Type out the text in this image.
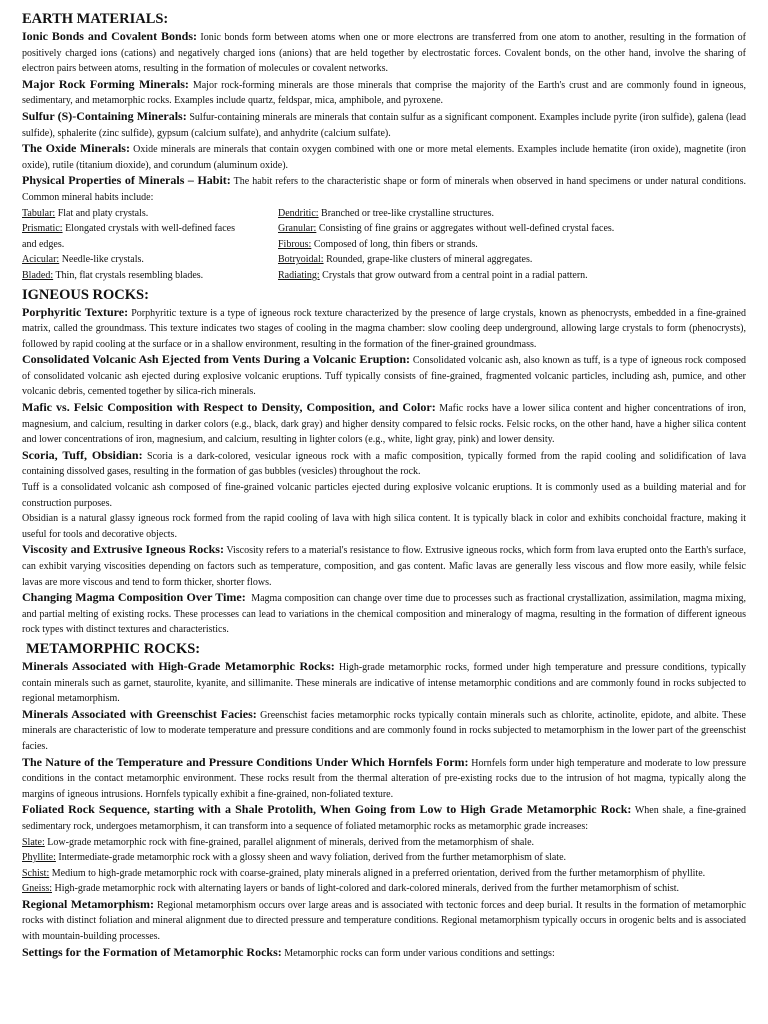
EARTH MATERIALS:

Ionic Bonds and Covalent Bonds: Ionic bonds form between atoms when one or more electrons are transferred from one atom to another, resulting in the formation of positively charged ions (cations) and negatively charged ions (anions) that are held together by electrostatic forces. Covalent bonds, on the other hand, involve the sharing of electron pairs between atoms, resulting in the formation of molecules or covalent networks.

Major Rock Forming Minerals: Major rock-forming minerals are those minerals that comprise the majority of the Earth's crust and are commonly found in igneous, sedimentary, and metamorphic rocks. Examples include quartz, feldspar, mica, amphibole, and pyroxene.

Sulfur (S)-Containing Minerals: Sulfur-containing minerals are minerals that contain sulfur as a significant component. Examples include pyrite (iron sulfide), galena (lead sulfide), sphalerite (zinc sulfide), gypsum (calcium sulfate), and anhydrite (calcium sulfate).

The Oxide Minerals: Oxide minerals are minerals that contain oxygen combined with one or more metal elements. Examples include hematite (iron oxide), magnetite (iron oxide), rutile (titanium dioxide), and corundum (aluminum oxide).

Physical Properties of Minerals – Habit: The habit refers to the characteristic shape or form of minerals when observed in hand specimens or under natural conditions. Common mineral habits include:

Tabular: Flat and platy crystals.
Prismatic: Elongated crystals with well-defined faces and edges.
Acicular: Needle-like crystals.
Bladed: Thin, flat crystals resembling blades.
Dendritic: Branched or tree-like crystalline structures.
Granular: Consisting of fine grains or aggregates without well-defined crystal faces.
Fibrous: Composed of long, thin fibers or strands.
Botryoidal: Rounded, grape-like clusters of mineral aggregates.
Radiating: Crystals that grow outward from a central point in a radial pattern.
IGNEOUS ROCKS:

Porphyritic Texture: Porphyritic texture is a type of igneous rock texture characterized by the presence of large crystals, known as phenocrysts, embedded in a fine-grained matrix, called the groundmass. This texture indicates two stages of cooling in the magma chamber: slow cooling deep underground, allowing large crystals to form (phenocrysts), followed by rapid cooling at the surface or in a shallow environment, resulting in the formation of the finer-grained groundmass.

Consolidated Volcanic Ash Ejected from Vents During a Volcanic Eruption: Consolidated volcanic ash, also known as tuff, is a type of igneous rock composed of consolidated volcanic ash ejected during explosive volcanic eruptions. Tuff typically consists of fine-grained, fragmented volcanic particles, including ash, pumice, and other volcanic debris, cemented together by silica-rich minerals.

Mafic vs. Felsic Composition with Respect to Density, Composition, and Color: Mafic rocks have a lower silica content and higher concentrations of iron, magnesium, and calcium, resulting in darker colors (e.g., black, dark gray) and higher density compared to felsic rocks. Felsic rocks, on the other hand, have a higher silica content and lower concentrations of iron, magnesium, and calcium, resulting in lighter colors (e.g., white, light gray, pink) and lower density.

Scoria, Tuff, Obsidian: Scoria is a dark-colored, vesicular igneous rock with a mafic composition, typically formed from the rapid cooling and solidification of lava containing dissolved gases, resulting in the formation of gas bubbles (vesicles) throughout the rock.

Tuff is a consolidated volcanic ash composed of fine-grained volcanic particles ejected during explosive volcanic eruptions. It is commonly used as a building material and for construction purposes.

Obsidian is a natural glassy igneous rock formed from the rapid cooling of lava with high silica content. It is typically black in color and exhibits conchoidal fracture, making it useful for tools and decorative objects.

Viscosity and Extrusive Igneous Rocks: Viscosity refers to a material's resistance to flow. Extrusive igneous rocks, which form from lava erupted onto the Earth's surface, can exhibit varying viscosities depending on factors such as temperature, composition, and gas content. Mafic lavas are generally less viscous and flow more easily, while felsic lavas are more viscous and tend to form thicker, shorter flows.

Changing Magma Composition Over Time: Magma composition can change over time due to processes such as fractional crystallization, assimilation, magma mixing, and partial melting of existing rocks. These processes can lead to variations in the chemical composition and mineralogy of magma, resulting in the formation of different igneous rock types with distinct textures and characteristics.

METAMORPHIC ROCKS:

Minerals Associated with High-Grade Metamorphic Rocks: High-grade metamorphic rocks, formed under high temperature and pressure conditions, typically contain minerals such as garnet, staurolite, kyanite, and sillimanite. These minerals are indicative of intense metamorphic conditions and are commonly found in rocks subjected to regional metamorphism.

Minerals Associated with Greenschist Facies: Greenschist facies metamorphic rocks typically contain minerals such as chlorite, actinolite, epidote, and albite. These minerals are characteristic of low to moderate temperature and pressure conditions and are commonly found in rocks subjected to metamorphism in the lower part of the greenschist facies.

The Nature of the Temperature and Pressure Conditions Under Which Hornfels Form: Hornfels form under high temperature and moderate to low pressure conditions in the contact metamorphic environment. These rocks result from the thermal alteration of pre-existing rocks due to the intrusion of hot magma, typically along the margins of igneous intrusions. Hornfels typically exhibit a fine-grained, non-foliated texture.

Foliated Rock Sequence, starting with a Shale Protolith, When Going from Low to High Grade Metamorphic Rock: When shale, a fine-grained sedimentary rock, undergoes metamorphism, it can transform into a sequence of foliated metamorphic rocks as metamorphic grade increases:

Slate: Low-grade metamorphic rock with fine-grained, parallel alignment of minerals, derived from the metamorphism of shale.

Phyllite: Intermediate-grade metamorphic rock with a glossy sheen and wavy foliation, derived from the further metamorphism of slate.

Schist: Medium to high-grade metamorphic rock with coarse-grained, platy minerals aligned in a preferred orientation, derived from the further metamorphism of phyllite.

Gneiss: High-grade metamorphic rock with alternating layers or bands of light-colored and dark-colored minerals, derived from the further metamorphism of schist.

Regional Metamorphism: Regional metamorphism occurs over large areas and is associated with tectonic forces and deep burial. It results in the formation of metamorphic rocks with distinct foliation and mineral alignment due to directed pressure and temperature conditions. Regional metamorphism typically occurs in orogenic belts and is associated with mountain-building processes.

Settings for the Formation of Metamorphic Rocks: Metamorphic rocks can form under various conditions and settings:
